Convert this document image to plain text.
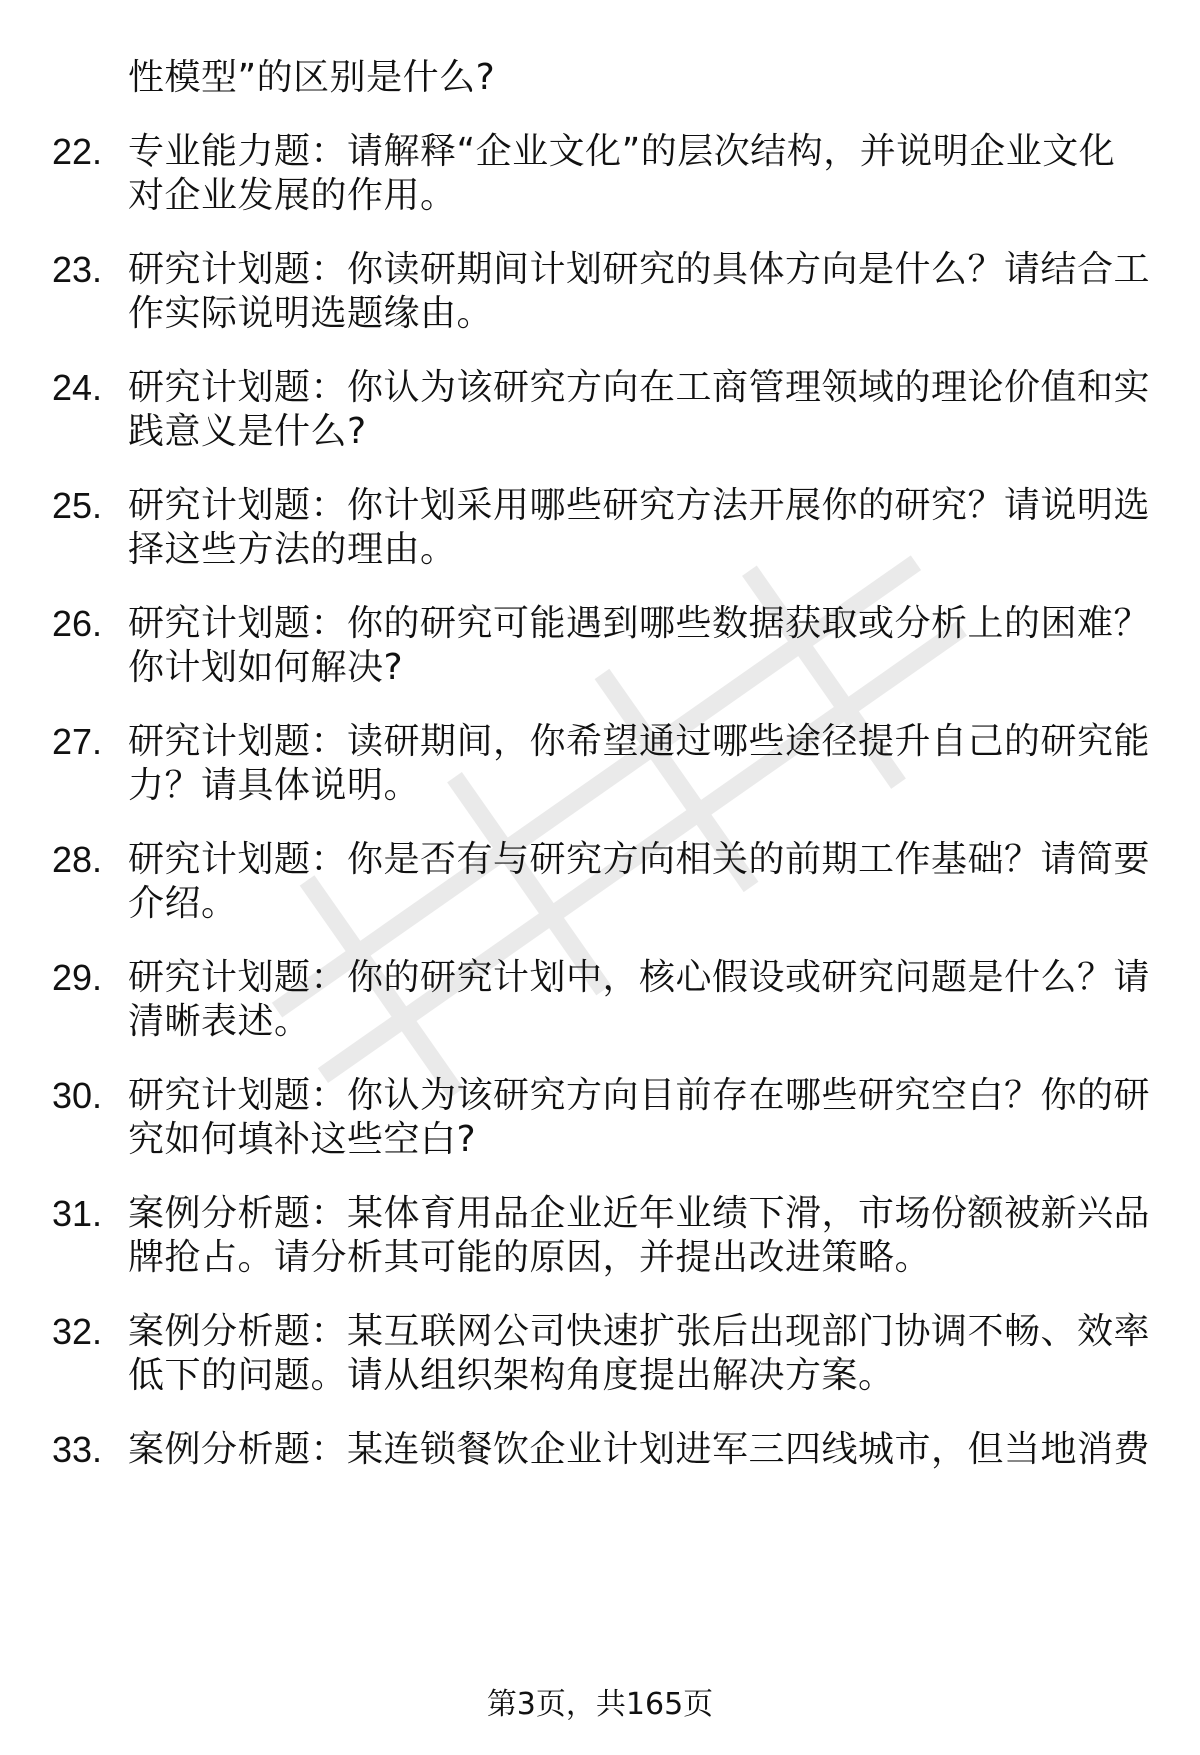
性模型”的区别是什么?
22. 专业能力题：请解释“企业文化”的层次结构，并说明企业文化
对企业发展的作用。
23. 研究计划题：你读研期间计划研究的具体方向是什么？请结合工
作实际说明选题缘由。
24. 研究计划题：你认为该研究方向在工商管理领域的理论价值和实
践意义是什么?
25. 研究计划题：你计划采用哪些研究方法开展你的研究？请说明选
择这些方法的理由。
26. 研究计划题：你的研究可能遇到哪些数据获取或分析上的困难？
你计划如何解决?
27. 研究计划题：读研期间，你希望通过哪些途径提升自己的研究能
力？请具体说明。
28. 研究计划题：你是否有与研究方向相关的前期工作基础？请简要
介绍。
29. 研究计划题：你的研究计划中，核心假设或研究问题是什么？请
清晰表述。
30. 研究计划题：你认为该研究方向目前存在哪些研究空白？你的研
究如何填补这些空白?
31. 案例分析题：某体育用品企业近年业绩下滑，市场份额被新兴品
牌抢占。请分析其可能的原因，并提出改进策略。
32. 案例分析题：某互联网公司快速扩张后出现部门协调不畅、效率
低下的问题。请从组织架构角度提出解决方案。
33. 案例分析题：某连锁餐饮企业计划进军三四线城市，但当地消费
第3页，共165页
